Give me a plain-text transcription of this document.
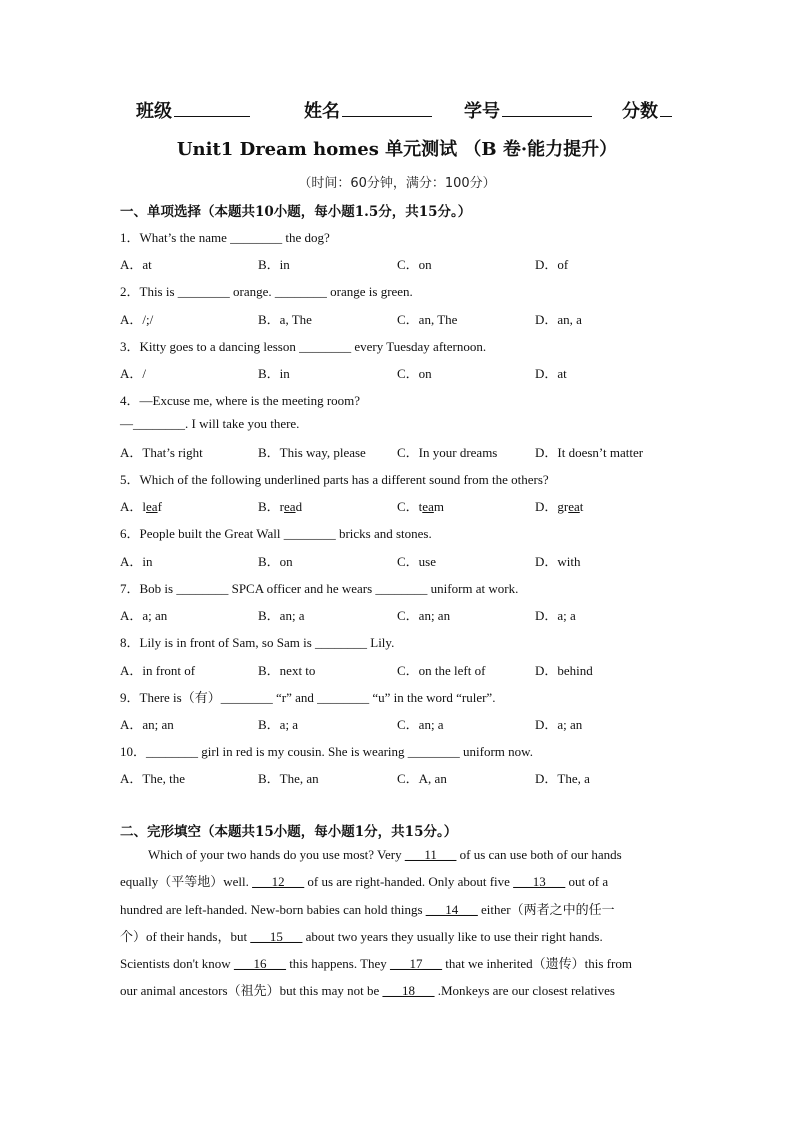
班级	姓名	学号	分数
Unit1 Dream homes 单元测试 （B 卷·能力提升）
（时间：60分钟，满分：100分）
一、单项选择（本题共10小题，每小题1.5分，共15分。）
1．What’s the name ________ the dog?
A．at	B．in	C．on	D．of
2．This is ________ orange. ________ orange is green.
A．/;/	B．a, The	C．an, The	D．an, a
3．Kitty goes to a dancing lesson ________ every Tuesday afternoon.
A．/	B．in	C．on	D．at
4．—Excuse me, where is the meeting room?
—________. I will take you there.
A．That’s right	B．This way, please C．In your dreams	D．It doesn’t matter
5．Which of the following underlined parts has a different sound from the others?
A．leaf	B．read	C．team	D．great
6．People built the Great Wall ________ bricks and stones.
A．in	B．on	C．use	D．with
7．Bob is ________ SPCA officer and he wears ________ uniform at work.
A．a; an	B．an; a	C．an; an	D．a; a
8．Lily is in front of Sam, so Sam is ________ Lily.
A．in front of	B．next to	C．on the left of	D．behind
9．There is（有）________ “r” and ________ “u” in the word “ruler”.
A．an; an	B．a; a	C．an; a	D．a; an
10．________ girl in red is my cousin. She is wearing ________ uniform now.
A．The, the	B．The, an	C．A, an	D．The, a
二、完形填空（本题共15小题，每小题1分，共15分。）
Which of your two hands do you use most? Very ___11___ of us can use both of our hands
equally（平等地）well. ___12___ of us are right-handed. Only about five ___13___ out of a
hundred are left-handed. New-born babies can hold things ___14___ either（两者之中的任一
个）of their hands，but ___15___ about two years they usually like to use their right hands.
Scientists don't know ___16___ this happens. They ___17___ that we inherited（遗传）this from
our animal ancestors（祖先）but this may not be ___18___ .Monkeys are our closest relatives
